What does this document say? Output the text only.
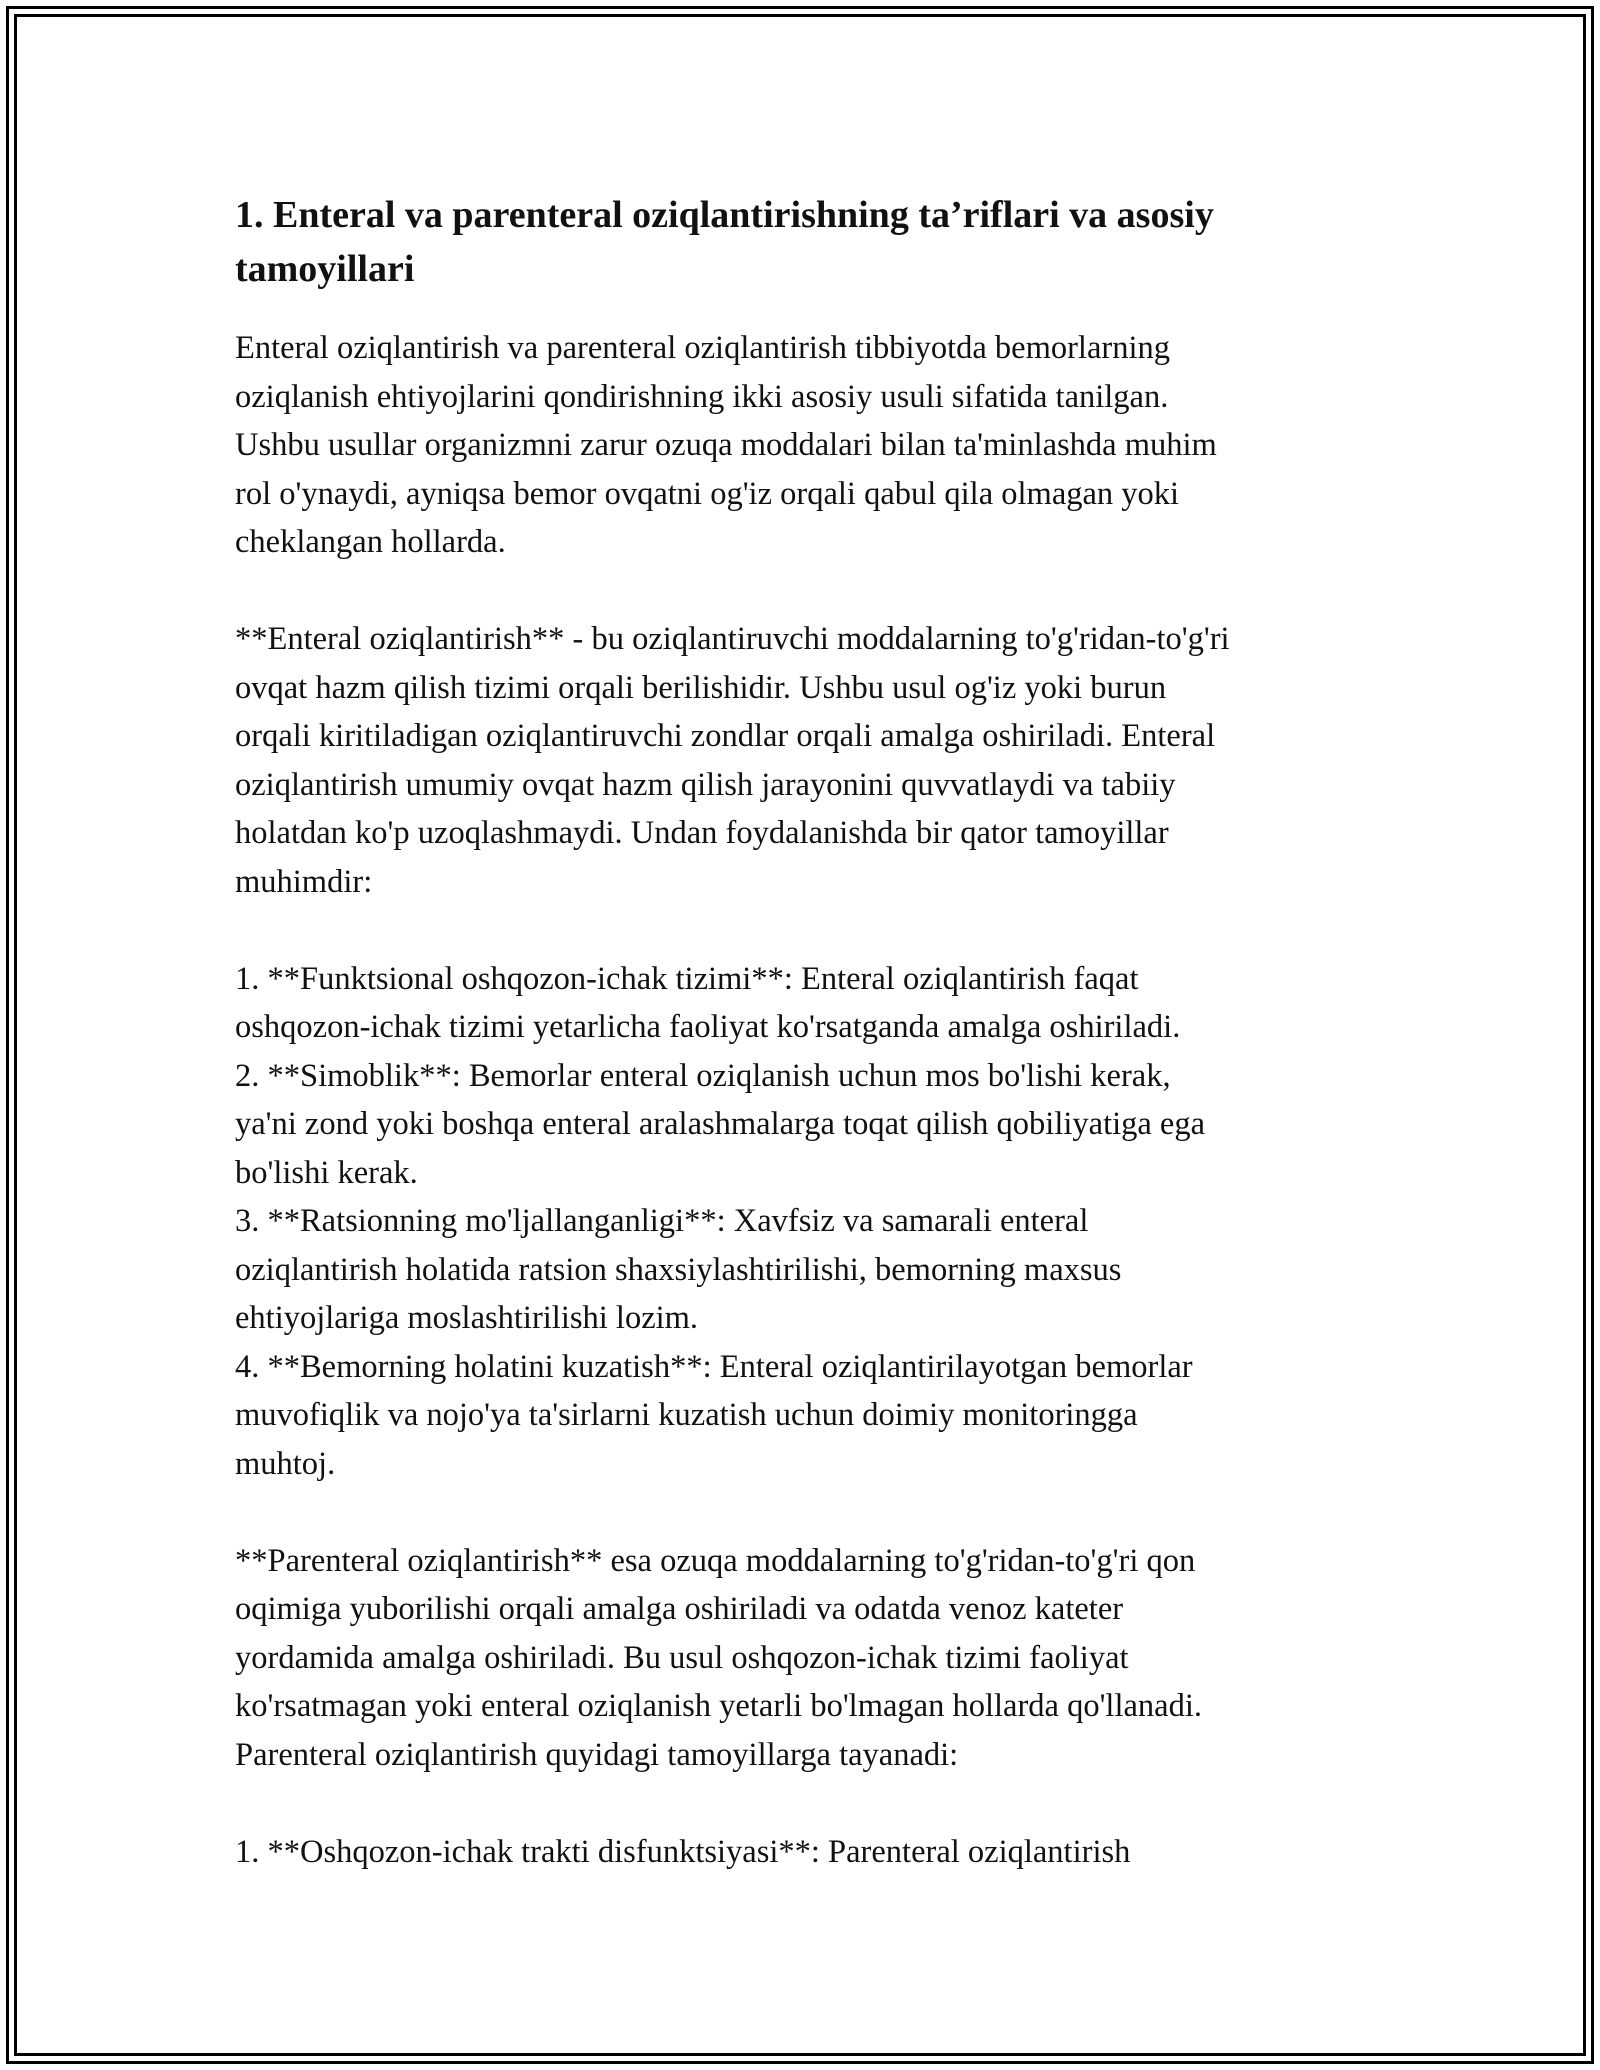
1. Enteral va parenteral oziqlantirishning ta’riflari va asosiy
tamoyillari

Enteral oziqlantirish va parenteral oziqlantirish tibbiyotda bemorlarning
oziqlanish ehtiyojlarini qondirishning ikki asosiy usuli sifatida tanilgan.
Ushbu usullar organizmni zarur ozuqa moddalari bilan ta'minlashda muhim
rol o'ynaydi, ayniqsa bemor ovqatni og'iz orqali qabul qila olmagan yoki
cheklangan hollarda.

**Enteral oziqlantirish** - bu oziqlantiruvchi moddalarning to'g'ridan-to'g'ri
ovqat hazm qilish tizimi orqali berilishidir. Ushbu usul og'iz yoki burun
orqali kiritiladigan oziqlantiruvchi zondlar orqali amalga oshiriladi. Enteral
oziqlantirish umumiy ovqat hazm qilish jarayonini quvvatlaydi va tabiiy
holatdan ko'p uzoqlashmaydi. Undan foydalanishda bir qator tamoyillar
muhimdir:

1. **Funktsional oshqozon-ichak tizimi**: Enteral oziqlantirish faqat
oshqozon-ichak tizimi yetarlicha faoliyat ko'rsatganda amalga oshiriladi.
2. **Simoblik**: Bemorlar enteral oziqlanish uchun mos bo'lishi kerak,
ya'ni zond yoki boshqa enteral aralashmalarga toqat qilish qobiliyatiga ega
bo'lishi kerak.
3. **Ratsionning mo'ljallanganligi**: Xavfsiz va samarali enteral
oziqlantirish holatida ratsion shaxsiylashtirilishi, bemorning maxsus
ehtiyojlariga moslashtirilishi lozim.
4. **Bemorning holatini kuzatish**: Enteral oziqlantirilayotgan bemorlar
muvofiqlik va nojo'ya ta'sirlarni kuzatish uchun doimiy monitoringga
muhtoj.

**Parenteral oziqlantirish** esa ozuqa moddalarning to'g'ridan-to'g'ri qon
oqimiga yuborilishi orqali amalga oshiriladi va odatda venoz kateter
yordamida amalga oshiriladi. Bu usul oshqozon-ichak tizimi faoliyat
ko'rsatmagan yoki enteral oziqlanish yetarli bo'lmagan hollarda qo'llanadi.
Parenteral oziqlantirish quyidagi tamoyillarga tayanadi:

1. **Oshqozon-ichak trakti disfunktsiyasi**: Parenteral oziqlantirish
